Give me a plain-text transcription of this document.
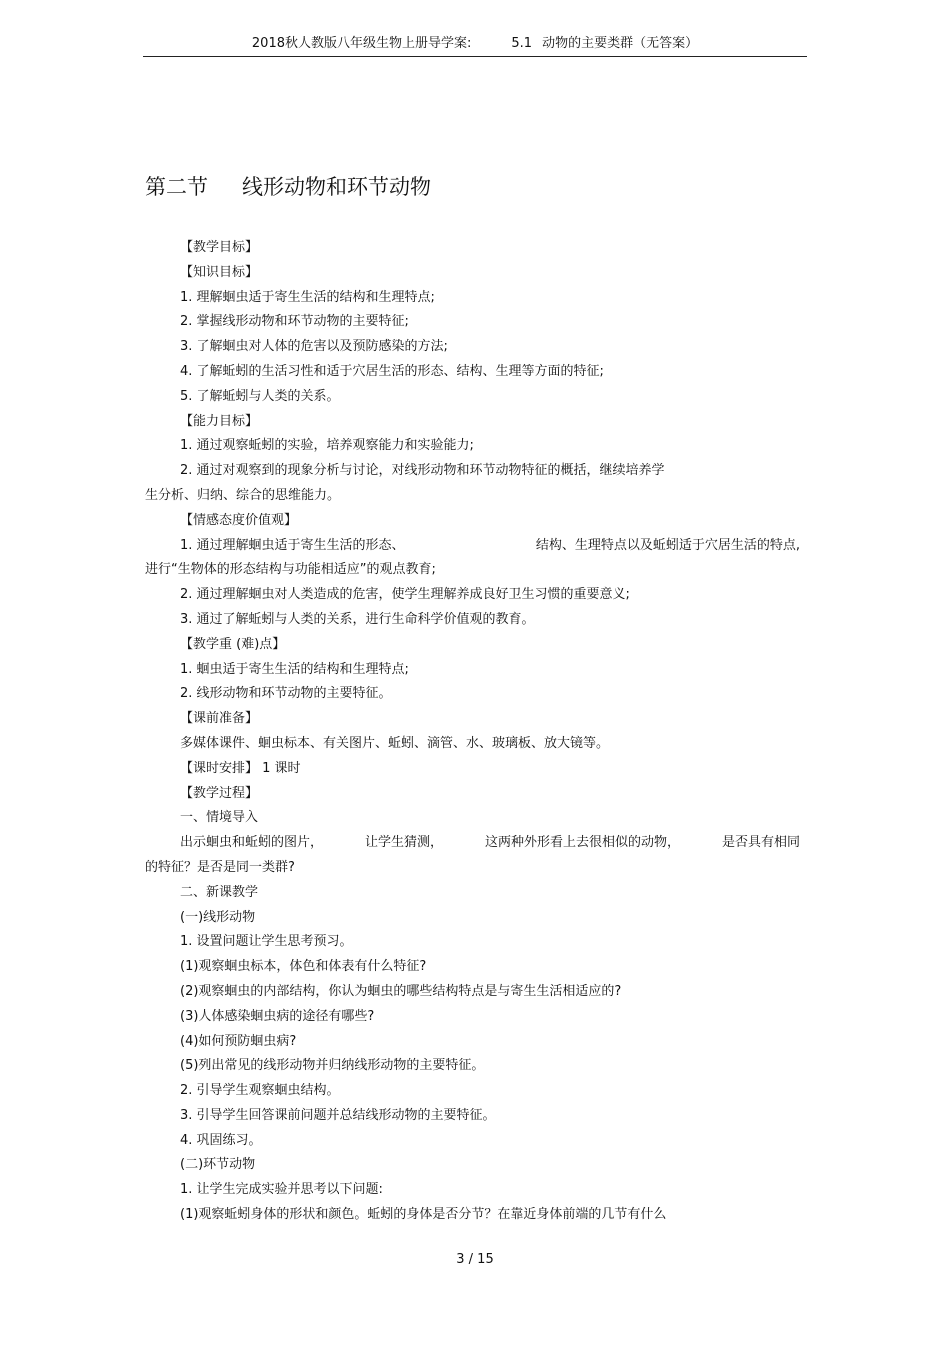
2018秋人教版八年级生物上册导学案:	5.1 动物的主要类群（无答案）
第二节 线形动物和环节动物
【教学目标】
【知识目标】
1. 理解蛔虫适于寄生生活的结构和生理特点;
2. 掌握线形动物和环节动物的主要特征;
3. 了解蛔虫对人体的危害以及预防感染的方法;
4. 了解蚯蚓的生活习性和适于穴居生活的形态、结构、生理等方面的特征;
5. 了解蚯蚓与人类的关系。
【能力目标】
1. 通过观察蚯蚓的实验，培养观察能力和实验能力;
2. 通过对观察到的现象分析与讨论，对线形动物和环节动物特征的概括，继续培养学
生分析、归纳、综合的思维能力。
【情感态度价值观】
1. 通过理解蛔虫适于寄生生活的形态、	结构、生理特点以及蚯蚓适于穴居生活的特点,
进行“生物体的形态结构与功能相适应”的观点教育;
2. 通过理解蛔虫对人类造成的危害，使学生理解养成良好卫生习惯的重要意义;
3. 通过了解蚯蚓与人类的关系，进行生命科学价值观的教育。
【教学重 (难)点】
1. 蛔虫适于寄生生活的结构和生理特点;
2. 线形动物和环节动物的主要特征。
【课前准备】
多媒体课件、蛔虫标本、有关图片、蚯蚓、滴管、水、玻璃板、放大镜等。
【课时安排】 1 课时
【教学过程】
一、情境导入
出示蛔虫和蚯蚓的图片，	让学生猜测，	这两种外形看上去很相似的动物，	是否具有相同
的特征？是否是同一类群?
二、新课教学
(一)线形动物
1. 设置问题让学生思考预习。
(1)观察蛔虫标本，体色和体表有什么特征?
(2)观察蛔虫的内部结构，你认为蛔虫的哪些结构特点是与寄生生活相适应的?
(3)人体感染蛔虫病的途径有哪些?
(4)如何预防蛔虫病?
(5)列出常见的线形动物并归纳线形动物的主要特征。
2. 引导学生观察蛔虫结构。
3. 引导学生回答课前问题并总结线形动物的主要特征。
4. 巩固练习。
(二)环节动物
1. 让学生完成实验并思考以下问题:
(1)观察蚯蚓身体的形状和颜色。蚯蚓的身体是否分节？在靠近身体前端的几节有什么
3 / 15
